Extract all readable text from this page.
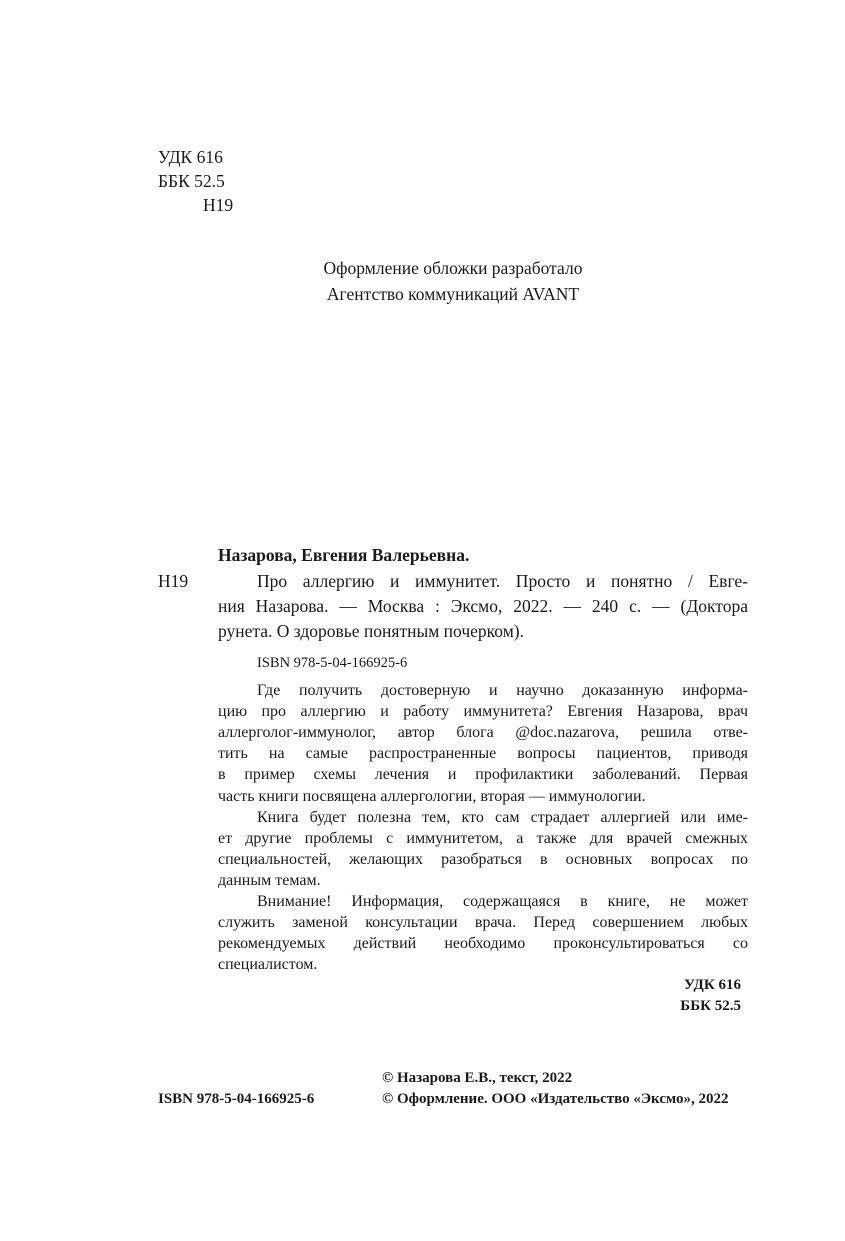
УДК 616
ББК 52.5
Н19
Оформление обложки разработало
Агентство коммуникаций AVANT
Назарова, Евгения Валерьевна.
Н19	Про аллергию и иммунитет. Просто и понятно / Евге-
ния Назарова. — Москва : Эксмо, 2022. — 240 с. — (Доктора
рунета. О здоровье понятным почерком).
ISBN 978-5-04-166925-6
Где получить достоверную и научно доказанную информа-
цию про аллергию и работу иммунитета? Евгения Назарова, врач
аллерголог-иммунолог, автор блога @doc.nazarova, решила отве-
тить на самые распространенные вопросы пациентов, приводя
в пример схемы лечения и профилактики заболеваний. Первая
часть книги посвящена аллергологии, вторая — иммунологии.
Книга будет полезна тем, кто сам страдает аллергией или име-
ет другие проблемы с иммунитетом, а также для врачей смежных
специальностей, желающих разобраться в основных вопросах по
данным темам.
Внимание! Информация, содержащаяся в книге, не может
служить заменой консультации врача. Перед совершением любых
рекомендуемых действий необходимо проконсультироваться со
специалистом.
УДК 616
ББК 52.5
© Назарова Е.В., текст, 2022
ISBN 978-5-04-166925-6	© Оформление. ООО «Издательство «Эксмо», 2022
